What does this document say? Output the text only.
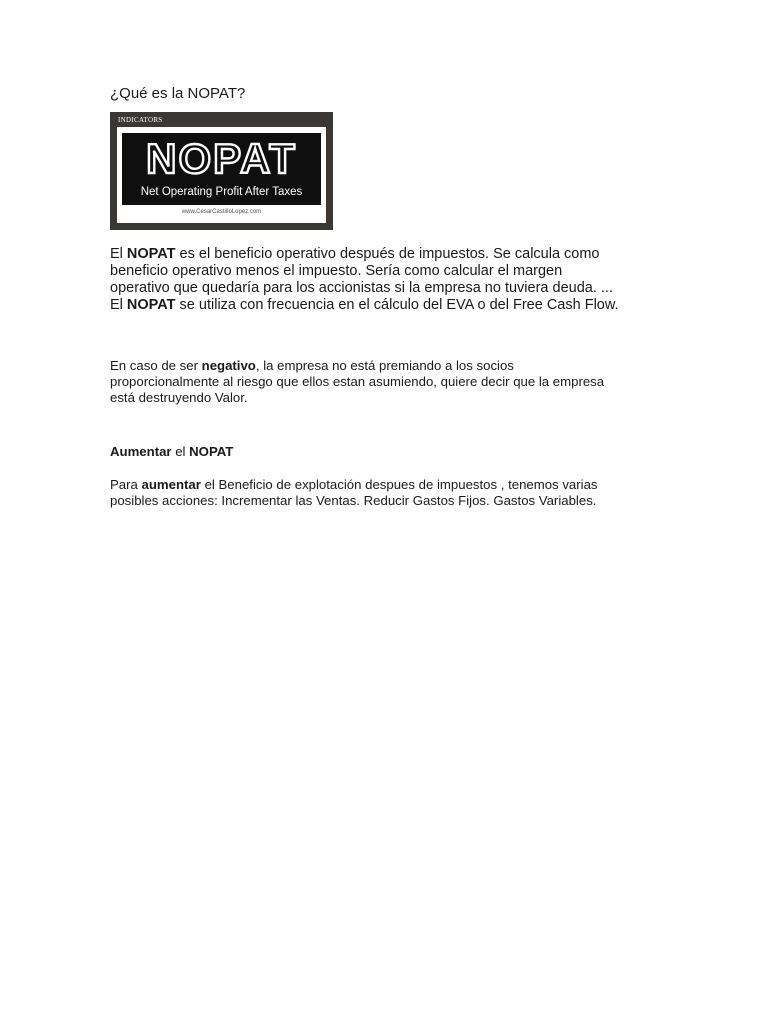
¿Qué es la NOPAT?

INDICATORS
NOPAT
Net Operating Profit After Taxes
www.CesarCastilloLopez.com

El NOPAT es el beneficio operativo después de impuestos. Se calcula como
beneficio operativo menos el impuesto. Sería como calcular el margen
operativo que quedaría para los accionistas si la empresa no tuviera deuda. ...
El NOPAT se utiliza con frecuencia en el cálculo del EVA o del Free Cash Flow.

En caso de ser negativo, la empresa no está premiando a los socios
proporcionalmente al riesgo que ellos estan asumiendo, quiere decir que la empresa
está destruyendo Valor.

Aumentar el NOPAT

Para aumentar el Beneficio de explotación despues de impuestos , tenemos varias
posibles acciones: Incrementar las Ventas. Reducir Gastos Fijos. Gastos Variables.
